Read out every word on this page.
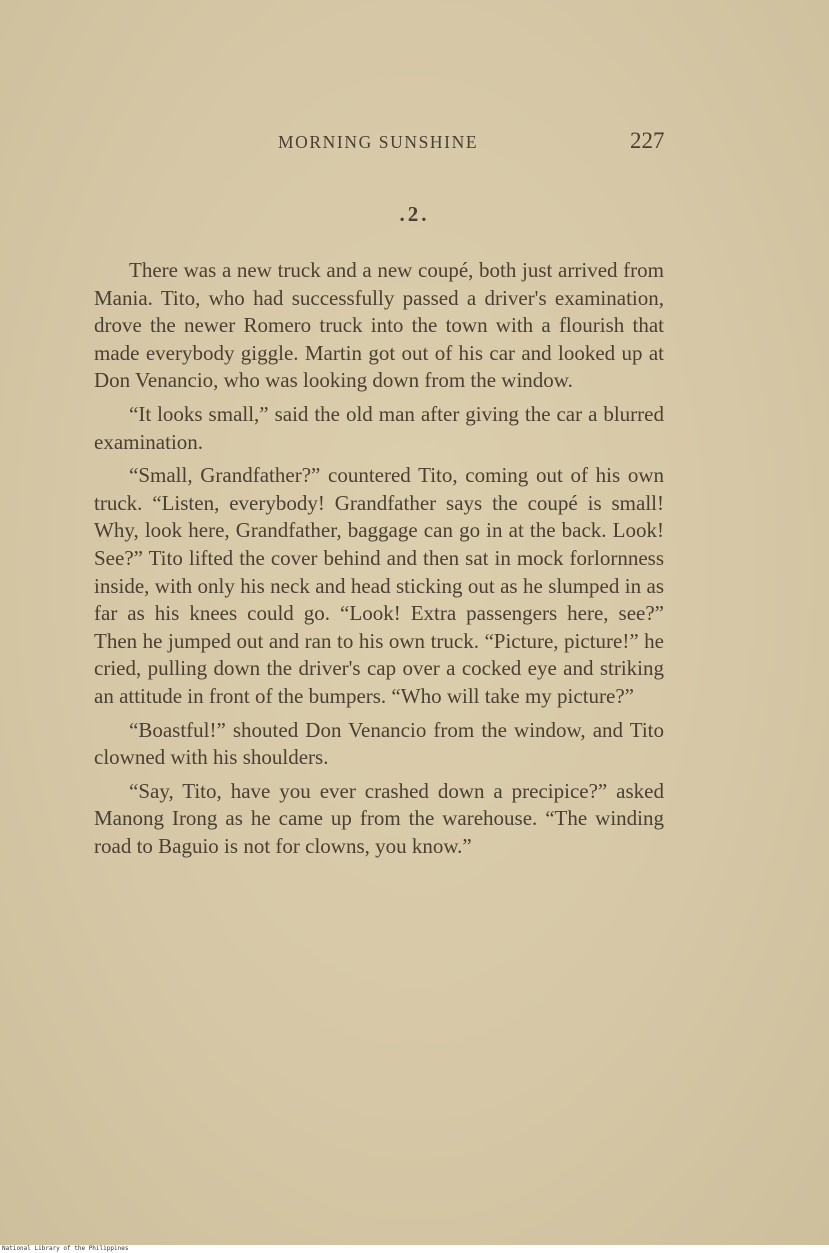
MORNING SUNSHINE	227
.2.

There was a new truck and a new coupé, both just arrived from Mania. Tito, who had successfully passed a driver's examination, drove the newer Romero truck into the town with a flourish that made everybody giggle. Martin got out of his car and looked up at Don Venancio, who was looking down from the window.

“It looks small,” said the old man after giving the car a blurred examination.

“Small, Grandfather?” countered Tito, coming out of his own truck. “Listen, everybody! Grandfather says the coupé is small! Why, look here, Grandfather, baggage can go in at the back. Look! See?” Tito lifted the cover behind and then sat in mock forlornness inside, with only his neck and head sticking out as he slumped in as far as his knees could go. “Look! Extra passengers here, see?” Then he jumped out and ran to his own truck. “Picture, picture!” he cried, pulling down the driver's cap over a cocked eye and striking an attitude in front of the bumpers. “Who will take my picture?”

“Boastful!” shouted Don Venancio from the window, and Tito clowned with his shoulders.

“Say, Tito, have you ever crashed down a precipice?” asked Manong Irong as he came up from the warehouse. “The winding road to Baguio is not for clowns, you know.”

National Library of the Philippines
